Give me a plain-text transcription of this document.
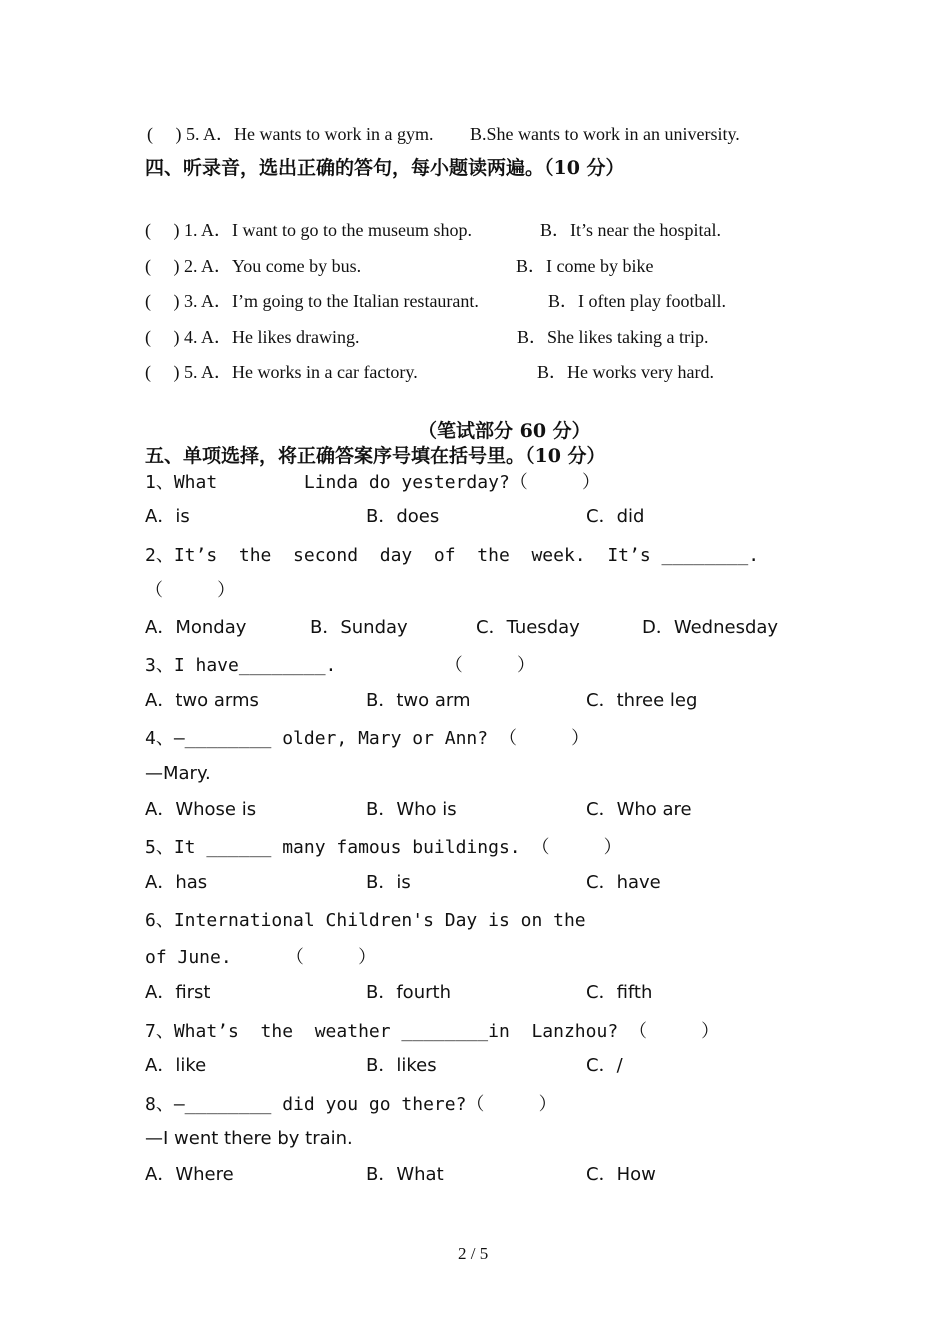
(     ) 5. A．He wants to work in a gym. B.She wants to work in an university.
四、听录音，选出正确的答句，每小题读两遍。（10 分）
(     ) 1. A．I want to go to the museum shop.	B．It’s near the hospital.
(     ) 2. A．You come by bus.	B．I come by bike
(     ) 3. A．I’m going to the Italian restaurant.	B．I often play football.
(     ) 4. A．He likes drawing.	B．She likes taking a trip.
(     ) 5. A．He works in a car factory.	B．He works very hard.
（笔试部分 60 分）
五、单项选择，将正确答案序号填在括号里。（10 分）
1、What        Linda do yesterday?（     ）
A．is	B．does	C．did
2、It’s  the  second  day  of  the  week.  It’s ________.
（     ）
A．Monday	B．Sunday	C．Tuesday	D．Wednesday
3、I have________.          （     ）
A．two arms	B．two arm	C．three leg
4、—________ older, Mary or Ann? （     ）
—Mary.
A．Whose is	B．Who is	C．Who are
5、It ______ many famous buildings. （     ）
A．has	B．is	C．have
6、International Children's Day is on the
of June.     （     ）
A．first	B．fourth	C．fifth
7、What’s  the  weather ________in  Lanzhou? （     ）
A．like	B．likes	C．/
8、—________ did you go there?（     ）
—I went there by train.
A．Where	B．What	C．How
2 / 5
